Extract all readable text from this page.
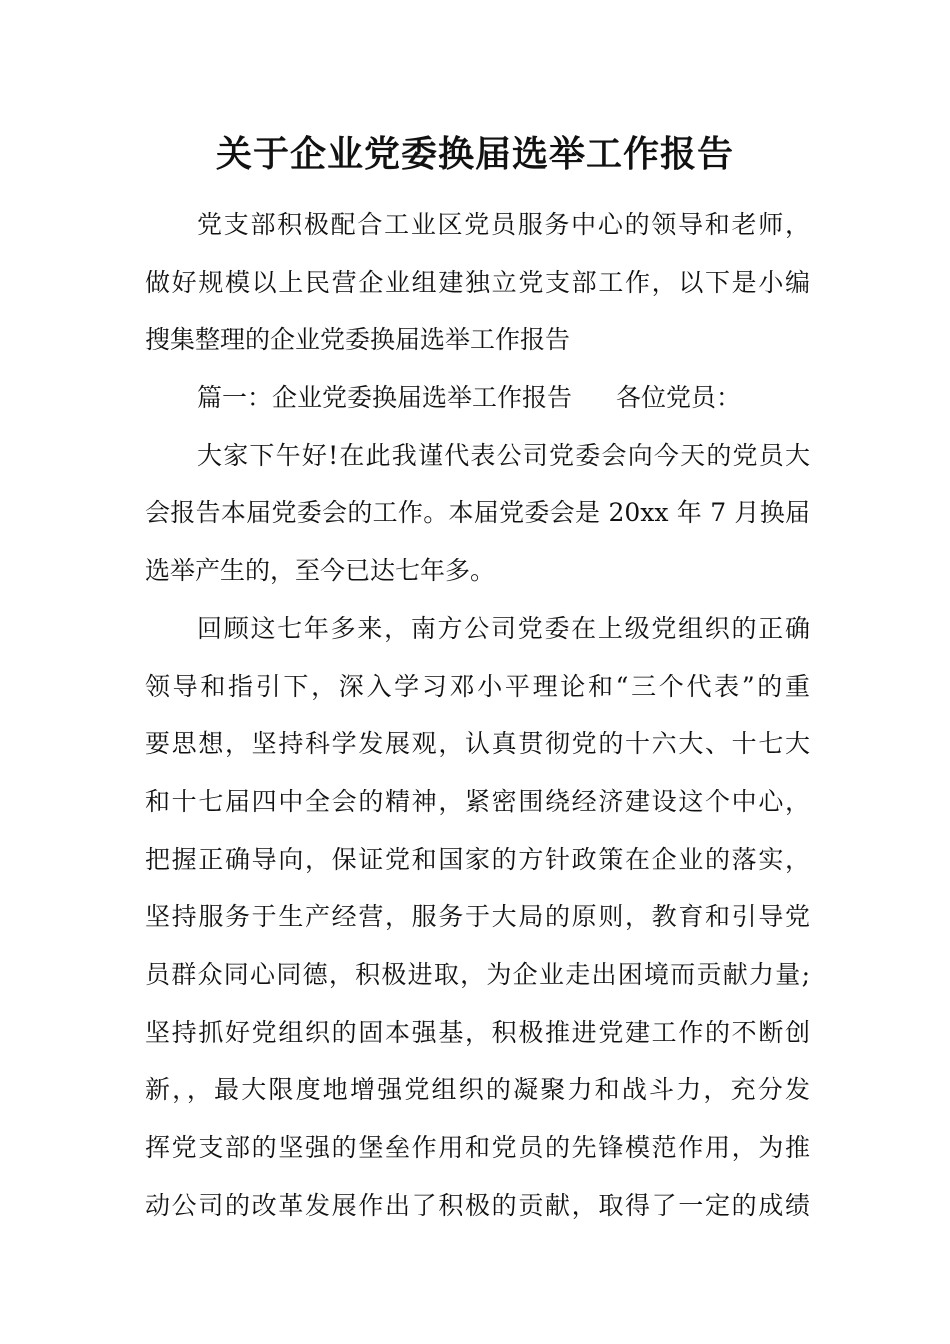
关于企业党委换届选举工作报告
党支部积极配合工业区党员服务中心的领导和老师，
做好规模以上民营企业组建独立党支部工作，以下是小编
搜集整理的企业党委换届选举工作报告
篇一：企业党委换届选举工作报告 各位党员：
大家下午好!在此我谨代表公司党委会向今天的党员大
会报告本届党委会的工作。本届党委会是 20xx 年 7 月换届
选举产生的，至今已达七年多。
回顾这七年多来，南方公司党委在上级党组织的正确
领导和指引下，深入学习邓小平理论和“三个代表”的重
要思想，坚持科学发展观，认真贯彻党的十六大、十七大
和十七届四中全会的精神，紧密围绕经济建设这个中心，
把握正确导向，保证党和国家的方针政策在企业的落实，
坚持服务于生产经营，服务于大局的原则，教育和引导党
员群众同心同德，积极进取，为企业走出困境而贡献力量;
坚持抓好党组织的固本强基，积极推进党建工作的不断创
新，，最大限度地增强党组织的凝聚力和战斗力，充分发
挥党支部的坚强的堡垒作用和党员的先锋模范作用，为推
动公司的改革发展作出了积极的贡献，取得了一定的成绩
